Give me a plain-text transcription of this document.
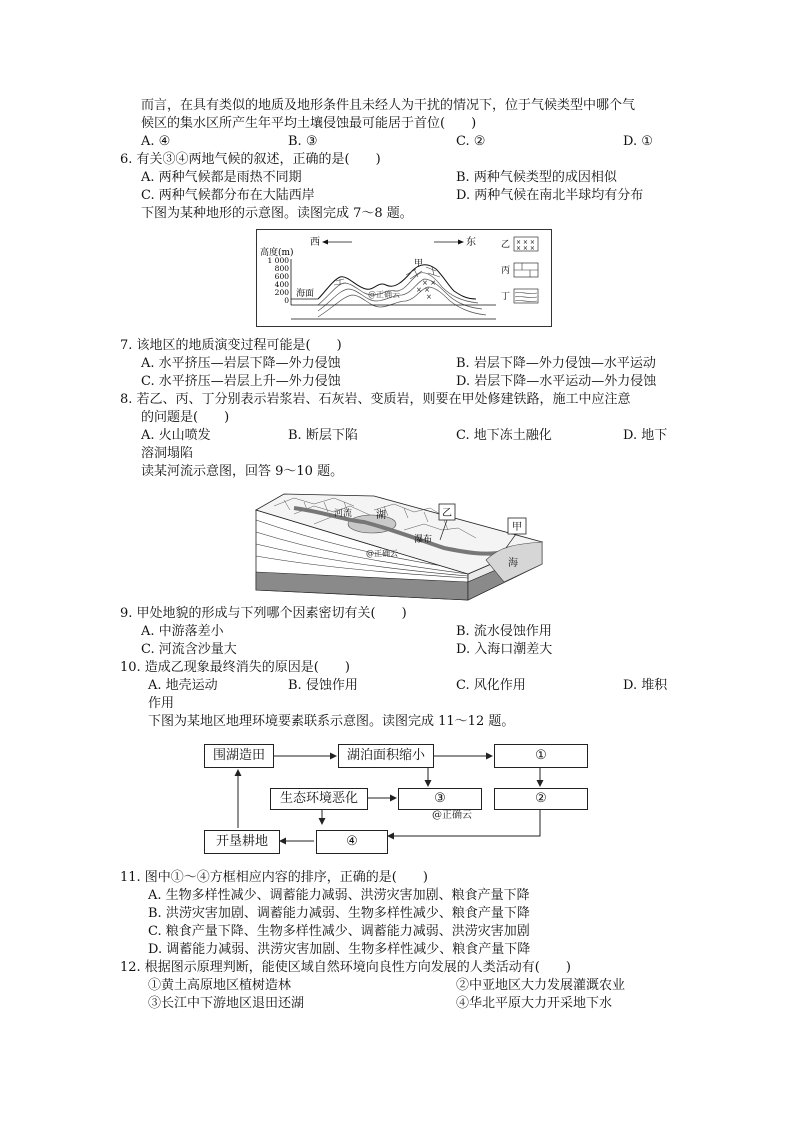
而言，在具有类似的地质及地形条件且未经人为干扰的情况下，位于气候类型中哪个气
候区的集水区所产生年平均土壤侵蚀最可能居于首位(　　)
A. ④	B. ③	C. ②	D. ①
6. 有关③④两地气候的叙述，正确的是(　　)
A. 两种气候都是雨热不同期	B. 两种气候类型的成因相似
C. 两种气候都分布在大陆西岸	D. 两种气候在南北半球均有分布
下图为某种地形的示意图。读图完成 7～8 题。
西	东
高度(m)
1 000
800
600
400
200
0
海面
× ×
× ×
×
甲
@正确云
乙 × × ×
× × ×
丙
丁
7. 该地区的地质演变过程可能是(　　)
A. 水平挤压—岩层下降—外力侵蚀	B. 岩层下降—外力侵蚀—水平运动
C. 水平挤压—岩层上升—外力侵蚀	D. 岩层下降—水平运动—外力侵蚀
8. 若乙、丙、丁分别表示岩浆岩、石灰岩、变质岩，则要在甲处修建铁路，施工中应注意
的问题是(　　)
A. 火山喷发	B. 断层下陷	C. 地下冻土融化	D. 地下
溶洞塌陷
读某河流示意图，回答 9～10 题。
河流 湖
瀑布
乙
甲
海
@正确云
9. 甲处地貌的形成与下列哪个因素密切有关(　　)
A. 中游落差小	B. 流水侵蚀作用
C. 河流含沙量大	D. 入海口潮差大
10. 造成乙现象最终消失的原因是(　　)
A. 地壳运动	B. 侵蚀作用	C. 风化作用	D. 堆积
作用
下图为某地区地理环境要素联系示意图。读图完成 11～12 题。
围湖造田	湖泊面积缩小	①
生态环境恶化	③	②
开垦耕地	④
@正确云
11. 图中①～④方框相应内容的排序，正确的是(　　)
A. 生物多样性减少、调蓄能力减弱、洪涝灾害加剧、粮食产量下降
B. 洪涝灾害加剧、调蓄能力减弱、生物多样性减少、粮食产量下降
C. 粮食产量下降、生物多样性减少、调蓄能力减弱、洪涝灾害加剧
D. 调蓄能力减弱、洪涝灾害加剧、生物多样性减少、粮食产量下降
12. 根据图示原理判断，能使区域自然环境向良性方向发展的人类活动有(　　)
①黄土高原地区植树造林	②中亚地区大力发展灌溉农业
③长江中下游地区退田还湖	④华北平原大力开采地下水
